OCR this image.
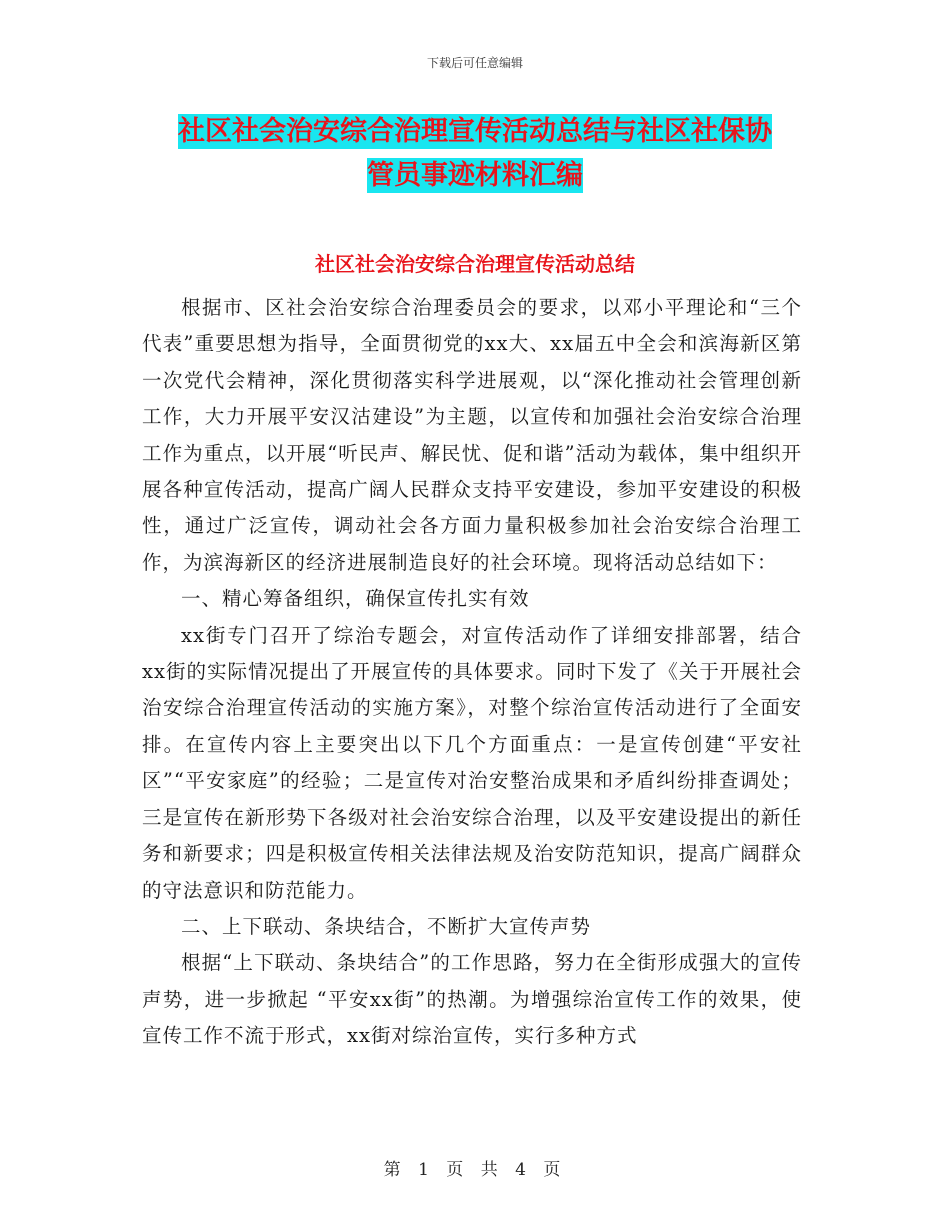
下载后可任意编辑
社区社会治安综合治理宣传活动总结与社区社保协管员事迹材料汇编
社区社会治安综合治理宣传活动总结

根据市、区社会治安综合治理委员会的要求，以邓小平理论和“三个代表”重要思想为指导，全面贯彻党的xx大、xx届五中全会和滨海新区第一次党代会精神，深化贯彻落实科学进展观，以“深化推动社会管理创新工作，大力开展平安汉沽建设”为主题，以宣传和加强社会治安综合治理工作为重点，以开展“听民声、解民忧、促和谐”活动为载体，集中组织开展各种宣传活动，提高广阔人民群众支持平安建设，参加平安建设的积极性，通过广泛宣传，调动社会各方面力量积极参加社会治安综合治理工作，为滨海新区的经济进展制造良好的社会环境。现将活动总结如下：

一、精心筹备组织，确保宣传扎实有效

xx街专门召开了综治专题会，对宣传活动作了详细安排部署，结合xx街的实际情况提出了开展宣传的具体要求。同时下发了《关于开展社会治安综合治理宣传活动的实施方案》，对整个综治宣传活动进行了全面安排。在宣传内容上主要突出以下几个方面重点：一是宣传创建“平安社区”“平安家庭”的经验；二是宣传对治安整治成果和矛盾纠纷排查调处；三是宣传在新形势下各级对社会治安综合治理，以及平安建设提出的新任务和新要求；四是积极宣传相关法律法规及治安防范知识，提高广阔群众的守法意识和防范能力。

二、上下联动、条块结合，不断扩大宣传声势

根据“上下联动、条块结合”的工作思路，努力在全街形成强大的宣传声势，进一步掀起 “平安xx街”的热潮。为增强综治宣传工作的效果，使宣传工作不流于形式，xx街对综治宣传，实行多种方式

第 1 页 共 4 页
